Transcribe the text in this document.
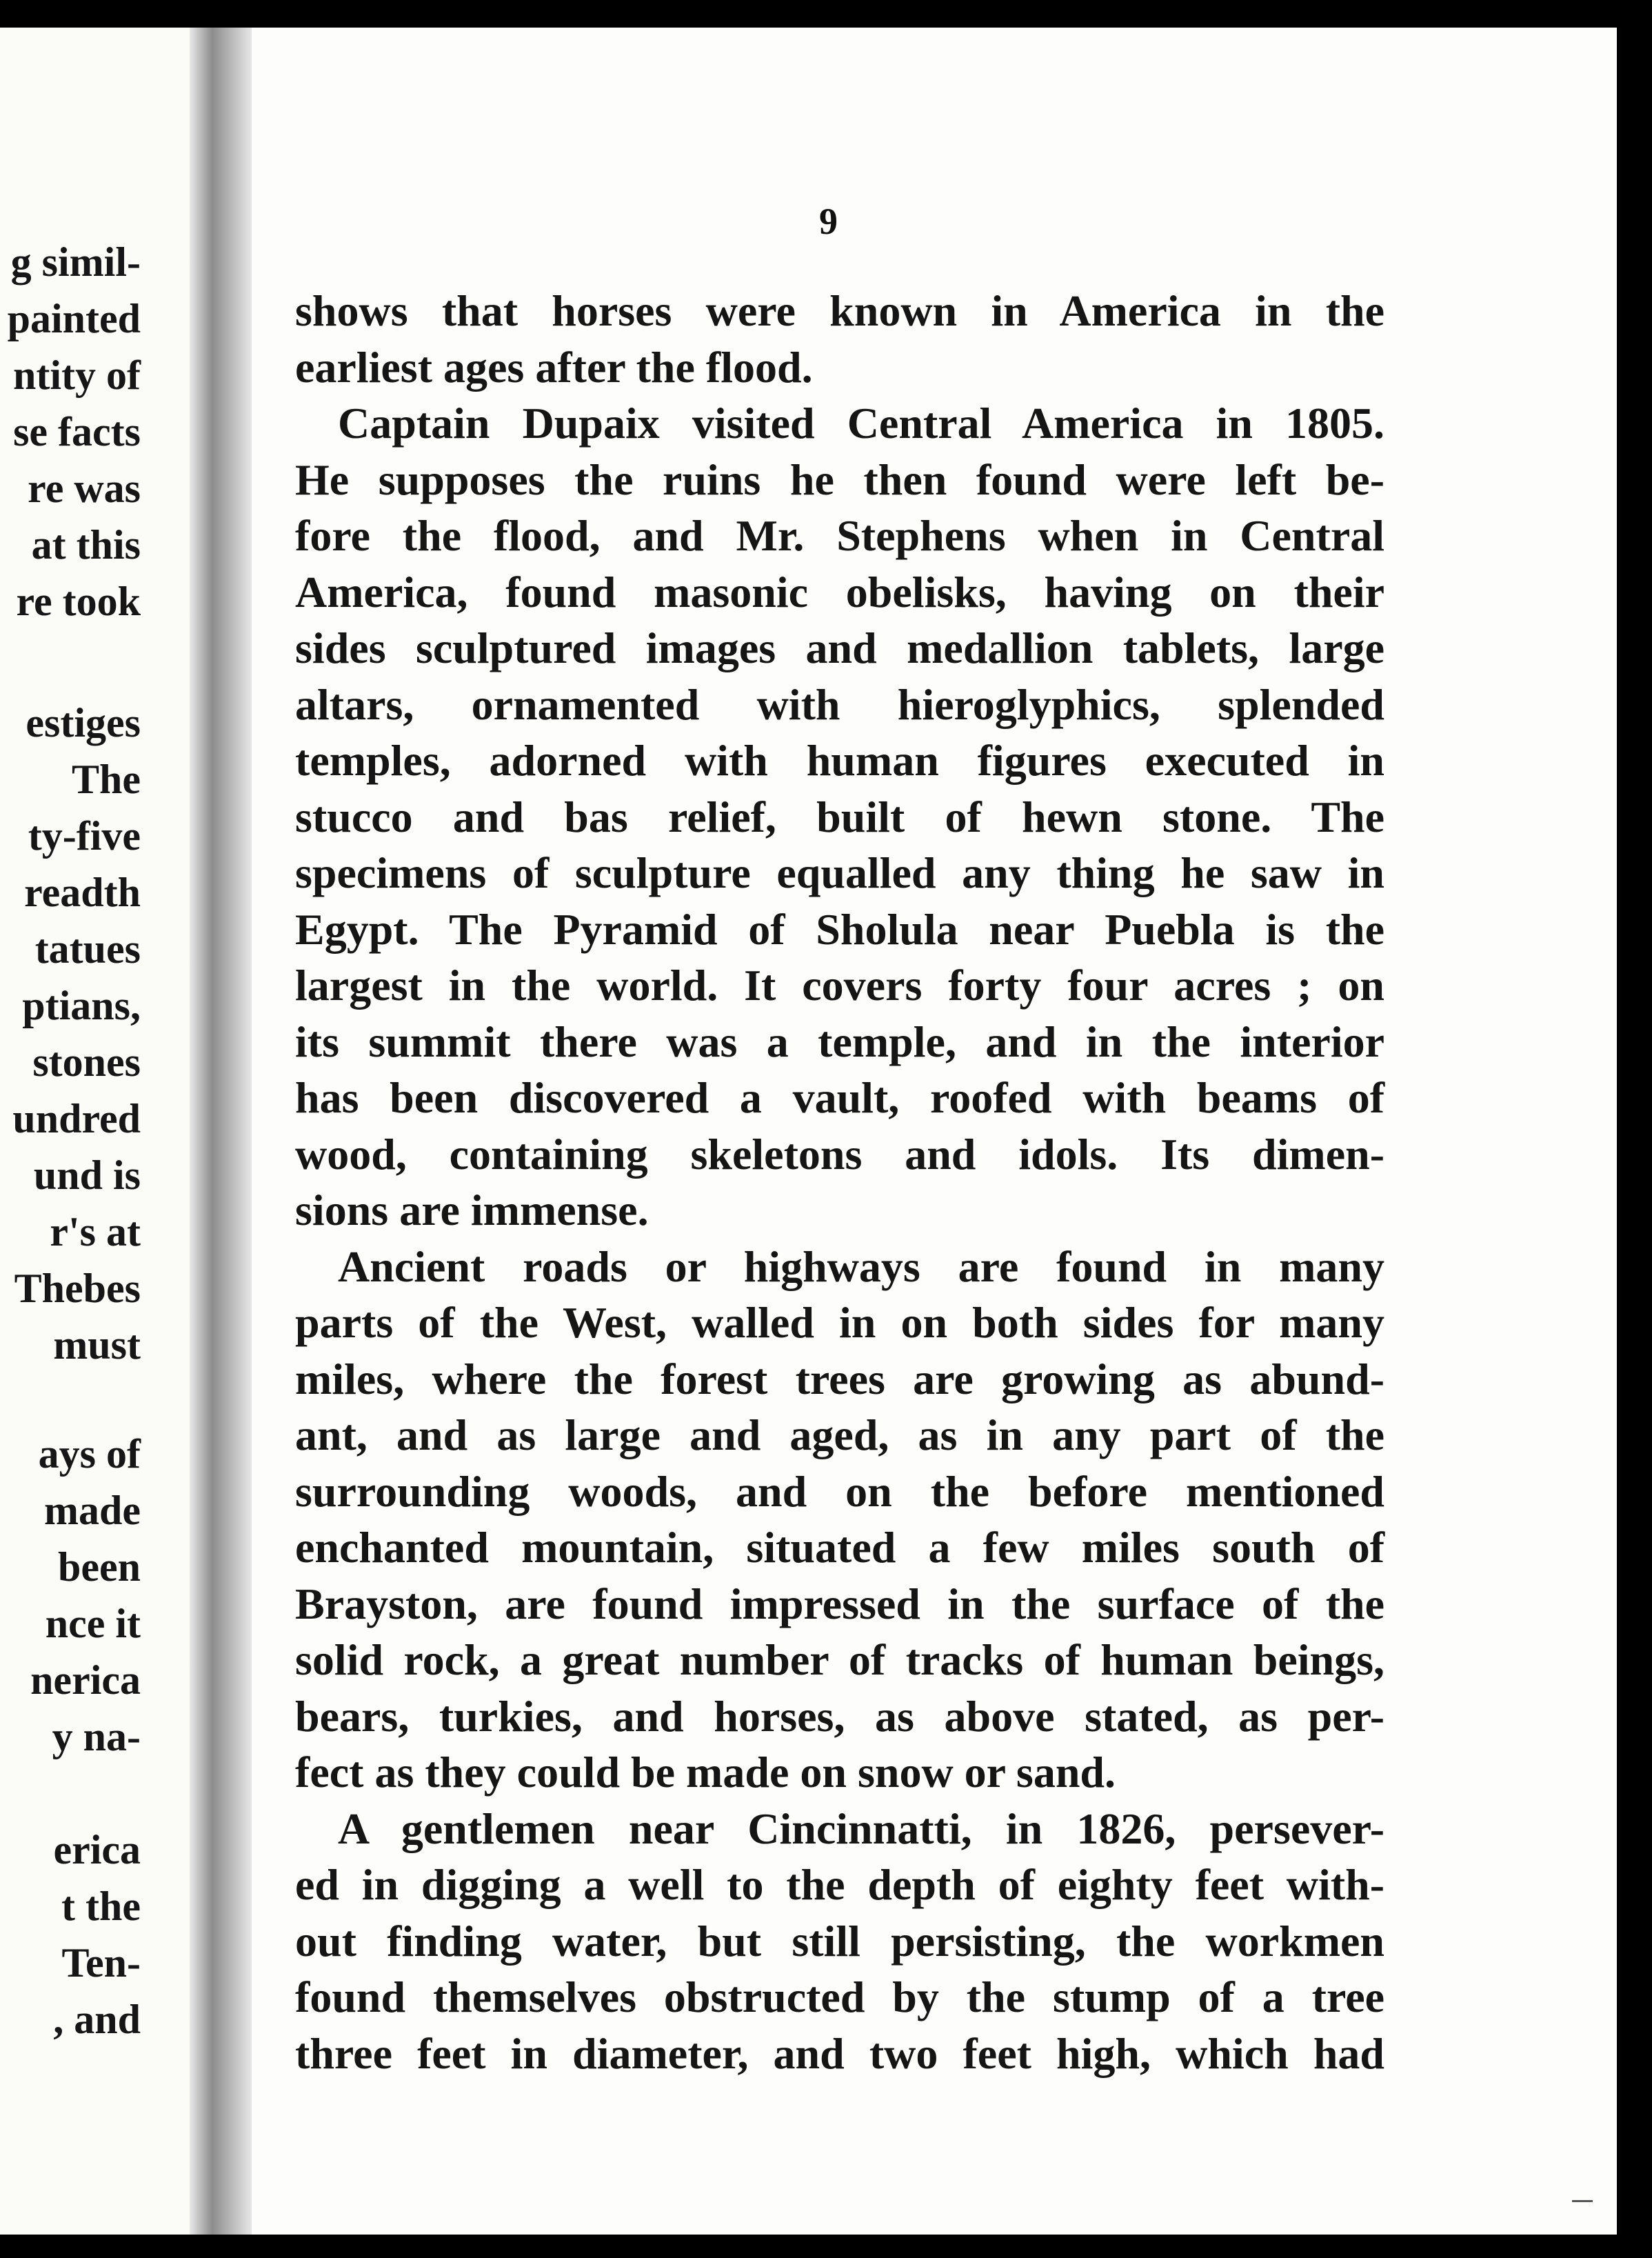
g simil-
painted
ntity of
se facts
re was
at this
re took
estiges
The
ty-five
readth
tatues
ptians,
stones
undred
und is
r's at
Thebes
must
ays of
made
been
nce it
nerica
y na-
erica
t the
Ten-
, and
9
shows that horses were known in America in the
earliest ages after the flood.
Captain Dupaix visited Central America in 1805.
He supposes the ruins he then found were left be-
fore the flood, and Mr. Stephens when in Central
America, found masonic obelisks, having on their
sides sculptured images and medallion tablets, large
altars, ornamented with hieroglyphics, splended
temples, adorned with human figures executed in
stucco and bas relief, built of hewn stone. The
specimens of sculpture equalled any thing he saw in
Egypt. The Pyramid of Sholula near Puebla is the
largest in the world. It covers forty four acres ; on
its summit there was a temple, and in the interior
has been discovered a vault, roofed with beams of
wood, containing skeletons and idols. Its dimen-
sions are immense.
Ancient roads or highways are found in many
parts of the West, walled in on both sides for many
miles, where the forest trees are growing as abund-
ant, and as large and aged, as in any part of the
surrounding woods, and on the before mentioned
enchanted mountain, situated a few miles south of
Brayston, are found impressed in the surface of the
solid rock, a great number of tracks of human beings,
bears, turkies, and horses, as above stated, as per-
fect as they could be made on snow or sand.
A gentlemen near Cincinnatti, in 1826, persever-
ed in digging a well to the depth of eighty feet with-
out finding water, but still persisting, the workmen
found themselves obstructed by the stump of a tree
three feet in diameter, and two feet high, which had
